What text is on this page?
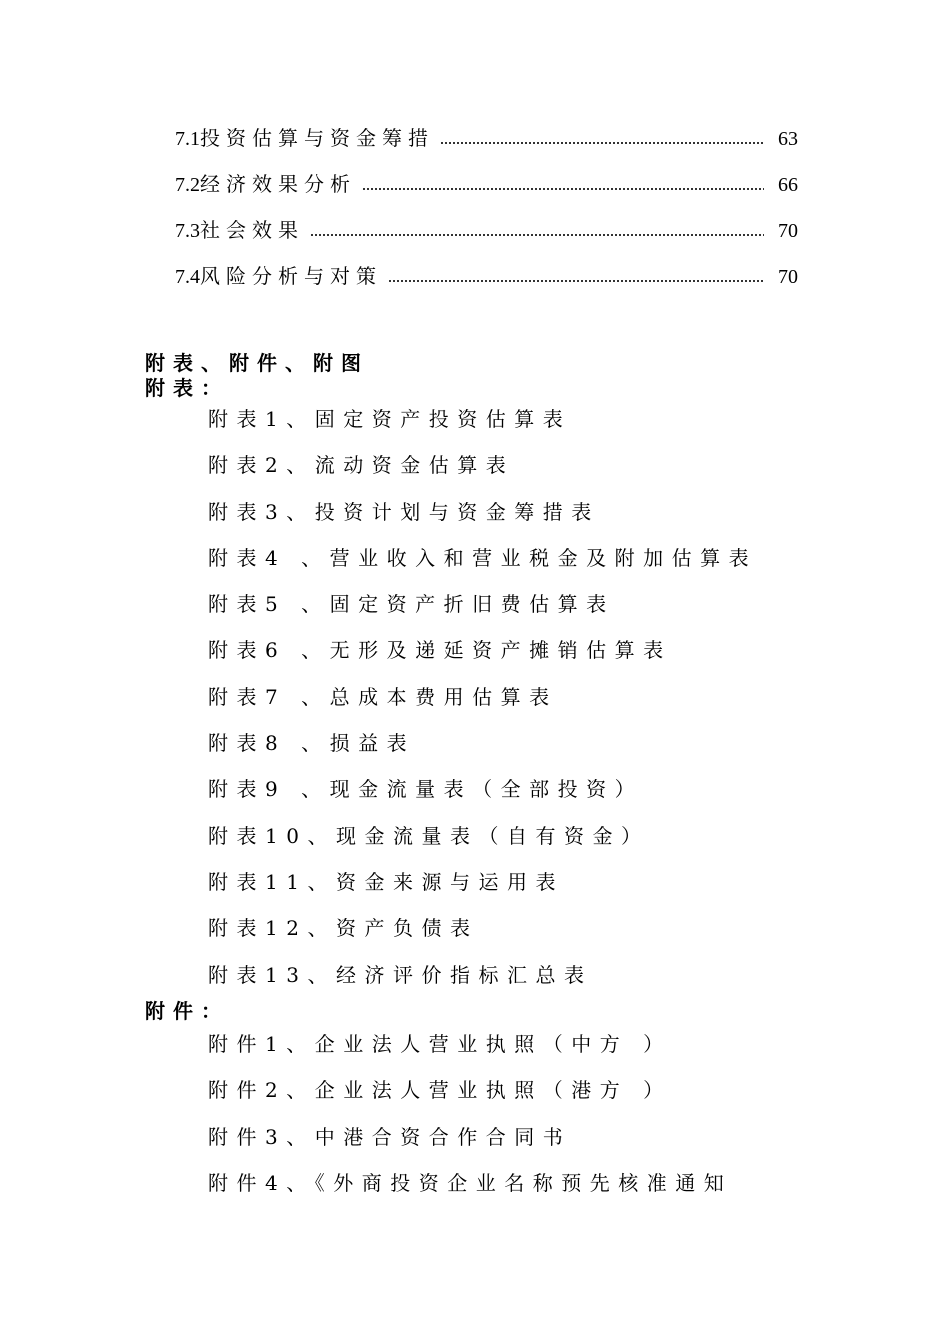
7.1 投资估算与资金筹措	63
7.2 经济效果分析	66
7.3 社会效果	70
7.4 风险分析与对策	70
附表、附件、附图
附表：
附表1、固定资产投资估算表
附表2、流动资金估算表
附表3、投资计划与资金筹措表
附表4 、营业收入和营业税金及附加估算表
附表5 、固定资产折旧费估算表
附表6 、无形及递延资产摊销估算表
附表7 、总成本费用估算表
附表8 、损益表
附表9 、现金流量表（全部投资）
附表10、现金流量表（自有资金）
附表11、资金来源与运用表
附表12、资产负债表
附表13、经济评价指标汇总表
附件：
附件1、企业法人营业执照（中方 ）
附件2、企业法人营业执照（港方 ）
附件3、中港合资合作合同书
附件4、《外商投资企业名称预先核准通知
